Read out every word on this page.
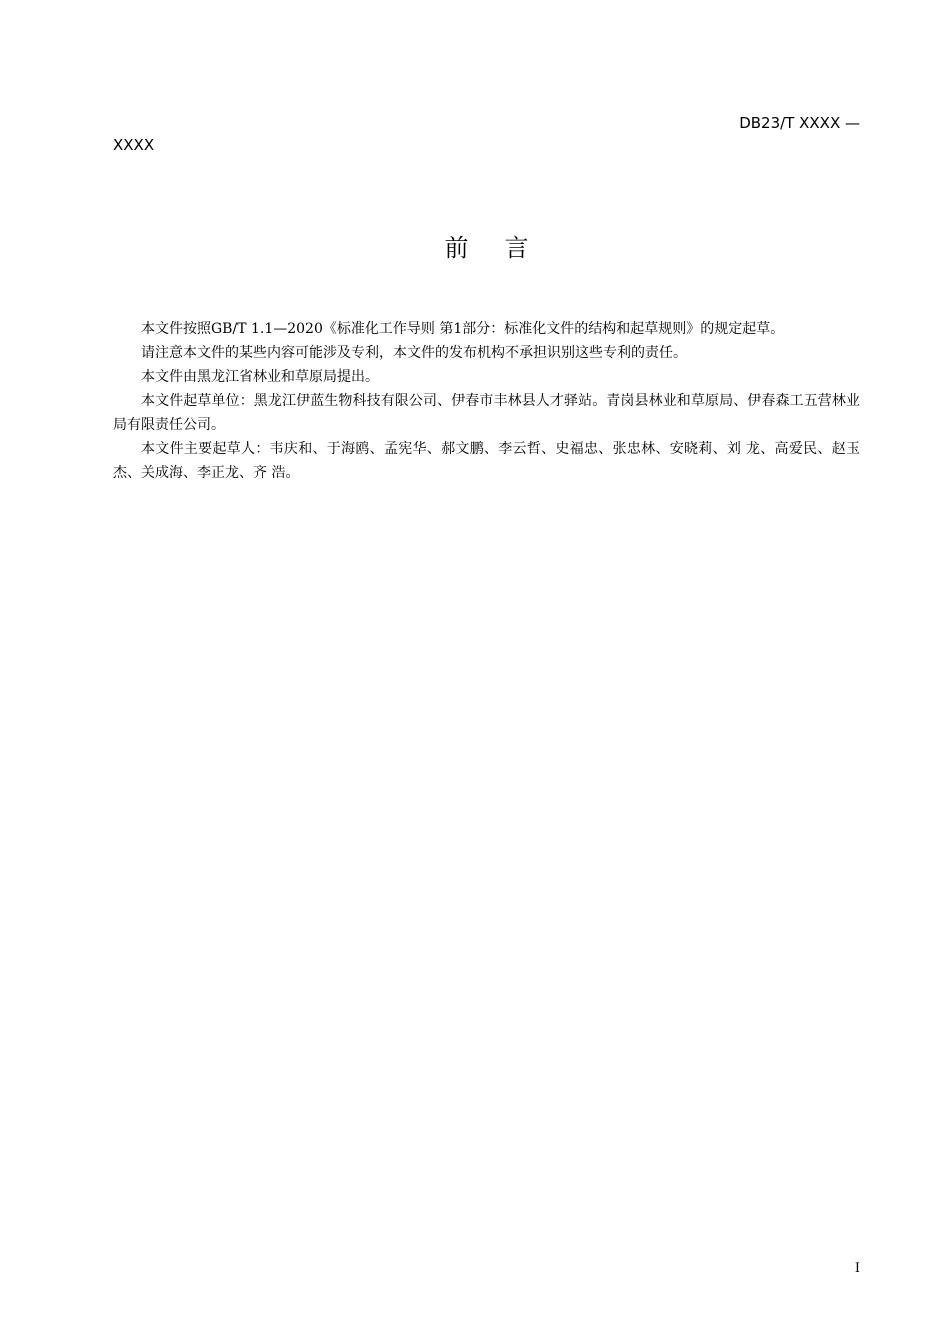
DB23/T XXXX —
XXXX
前 言

本文件按照GB/T 1.1—2020《标准化工作导则 第1部分：标准化文件的结构和起草规则》的规定起草。

请注意本文件的某些内容可能涉及专利，本文件的发布机构不承担识别这些专利的责任。

本文件由黑龙江省林业和草原局提出。

本文件起草单位：黑龙江伊蓝生物科技有限公司、伊春市丰林县人才驿站。青岗县林业和草原局、伊春森工五营林业局有限责任公司。

本文件主要起草人：韦庆和、于海鸥、孟宪华、郝文鹏、李云哲、史福忠、张忠林、安晓莉、刘 龙、高爱民、赵玉杰、关成海、李正龙、齐 浩。

I
